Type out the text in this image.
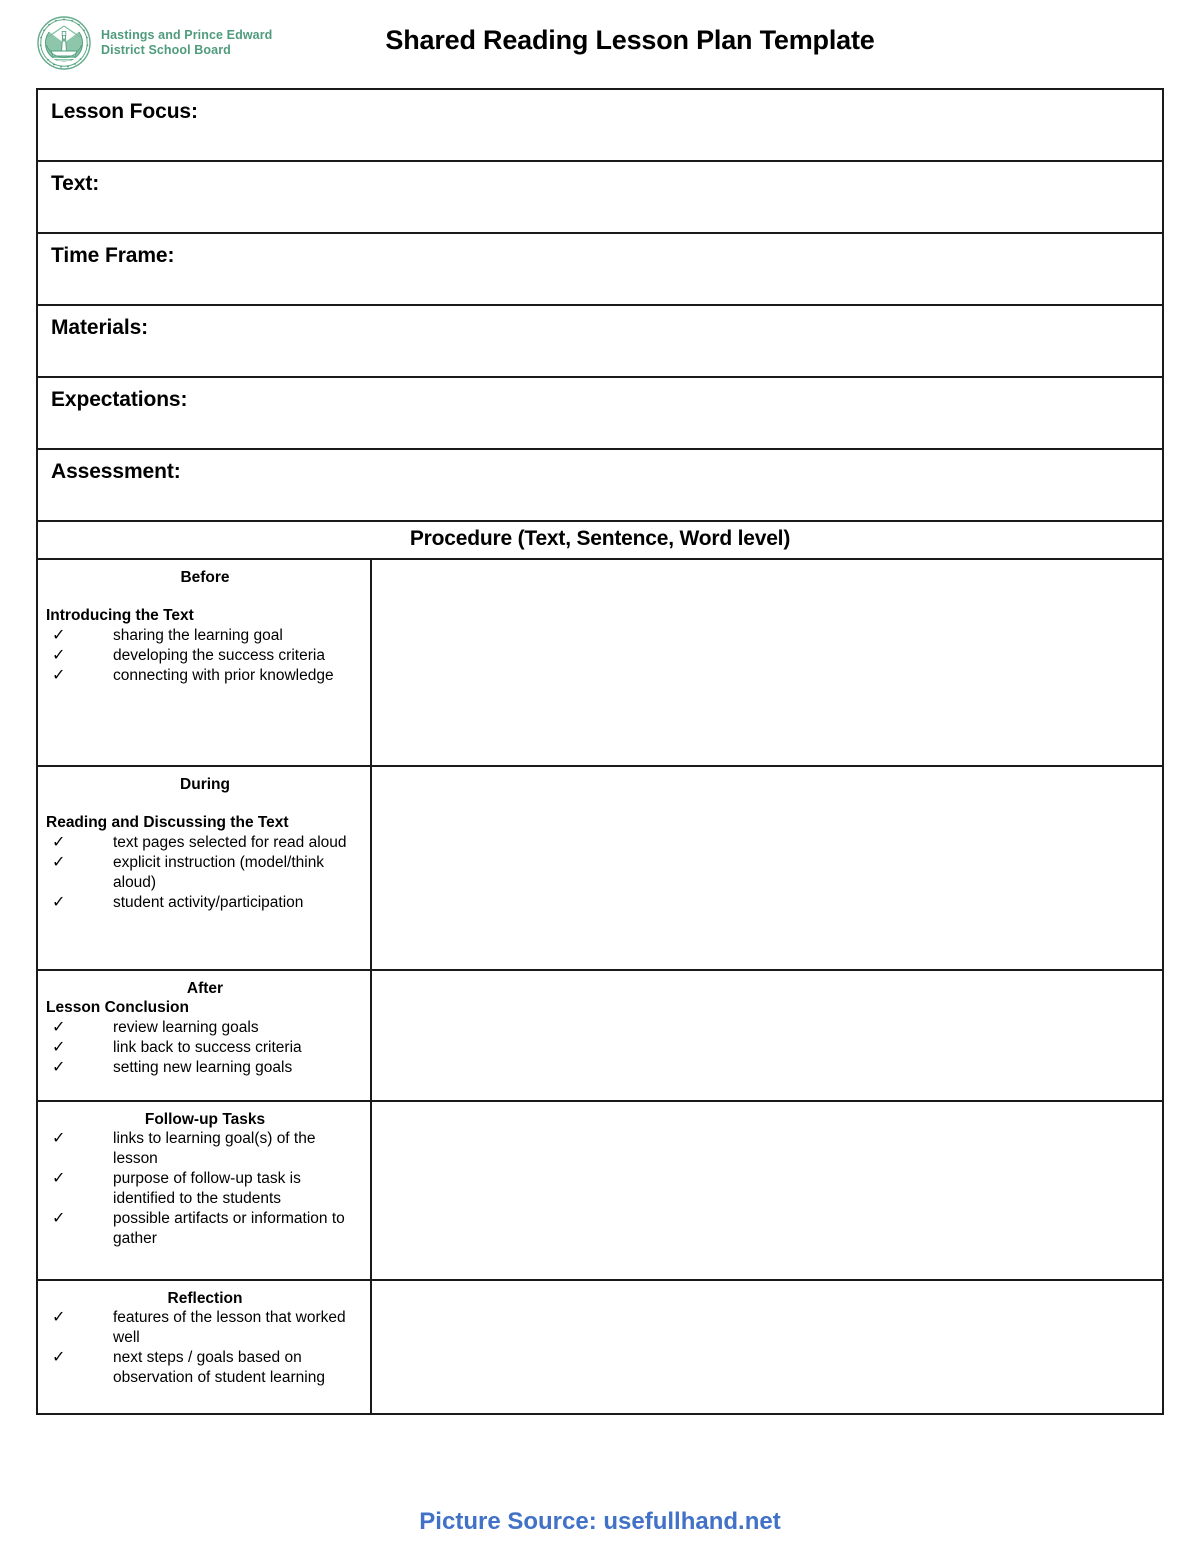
Hastings and Prince Edward
District School Board	Shared Reading Lesson Plan Template
Lesson Focus:
Text:
Time Frame:
Materials:
Expectations:
Assessment:
Procedure (Text, Sentence, Word level)
Before
Introducing the Text
✓	sharing the learning goal
✓	developing the success criteria
✓	connecting with prior knowledge
During
Reading and Discussing the Text
✓	text pages selected for read aloud
✓	explicit instruction (model/think aloud)
✓	student activity/participation
After
Lesson Conclusion
✓	review learning goals
✓	link back to success criteria
✓	setting new learning goals
Follow-up Tasks
✓	links to learning goal(s) of the lesson
✓	purpose of follow-up task is identified to the students
✓	possible artifacts or information to gather
Reflection
✓	features of the lesson that worked well
✓	next steps / goals based on observation of student learning
Picture Source: usefullhand.net
